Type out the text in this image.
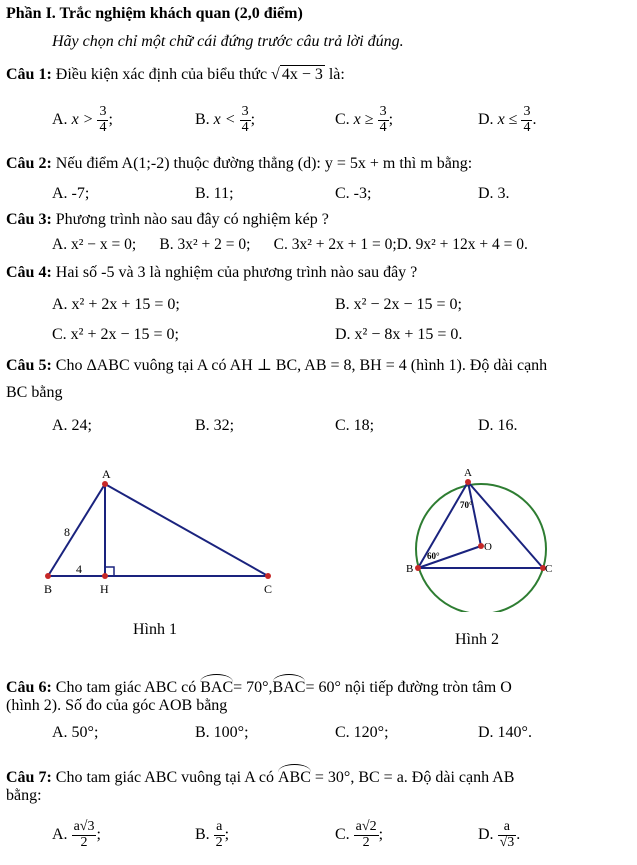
Phần I. Trắc nghiệm khách quan (2,0 điểm)
Hãy chọn chỉ một chữ cái đứng trước câu trả lời đúng.
Câu 1: Điều kiện xác định của biểu thức √ 4x − 3 là:
A. $x > \frac{3}{4}$ ;	B. $x < \frac{3}{4}$ ;	C. $x \ge \frac{3}{4}$ ;	D. $x \le \frac{3}{4}$ .
Câu 2: Nếu điểm A(1;-2) thuộc đường thẳng (d): y = 5x + m thì m bằng:
A. -7;	B. 11;	C. -3;	D. 3.
Câu 3: Phương trình nào sau đây có nghiệm kép ?
A. x² − x = 0;      B. 3x² + 2 = 0;      C. 3x² + 2x + 1 = 0;D. 9x² + 12x + 4 = 0.
Câu 4: Hai số -5 và 3 là nghiệm của phương trình nào sau đây ?
A. x² + 2x + 15 = 0;	B. x² − 2x − 15 = 0;
C. x² + 2x − 15 = 0;	D. x² − 8x + 15 = 0.
Câu 5: Cho ΔABC vuông tại A có AH ⊥ BC, AB = 8, BH = 4 (hình 1). Độ dài cạnh
BC bằng
A. 24;	B. 32;	C. 18;	D. 16.
A
B	H	C
8
4
Hình 1
A
B	C
O
70°
60°
Hình 2
Câu 6: Cho tam giác ABC có BAC= 70°,BAC= 60° nội tiếp đường tròn tâm O
(hình 2). Số đo của góc AOB bằng
A. 50°;	B. 100°;	C. 120°;	D. 140°.
Câu 7: Cho tam giác ABC vuông tại A có ABC = 30°, BC = a. Độ dài cạnh AB
bằng:
A. $\frac{a√3}{2}$ ;	B. $\frac{a}{2}$ ;	C. $\frac{a√2}{2}$ ;	D. $\frac{a}{√3}$ .
